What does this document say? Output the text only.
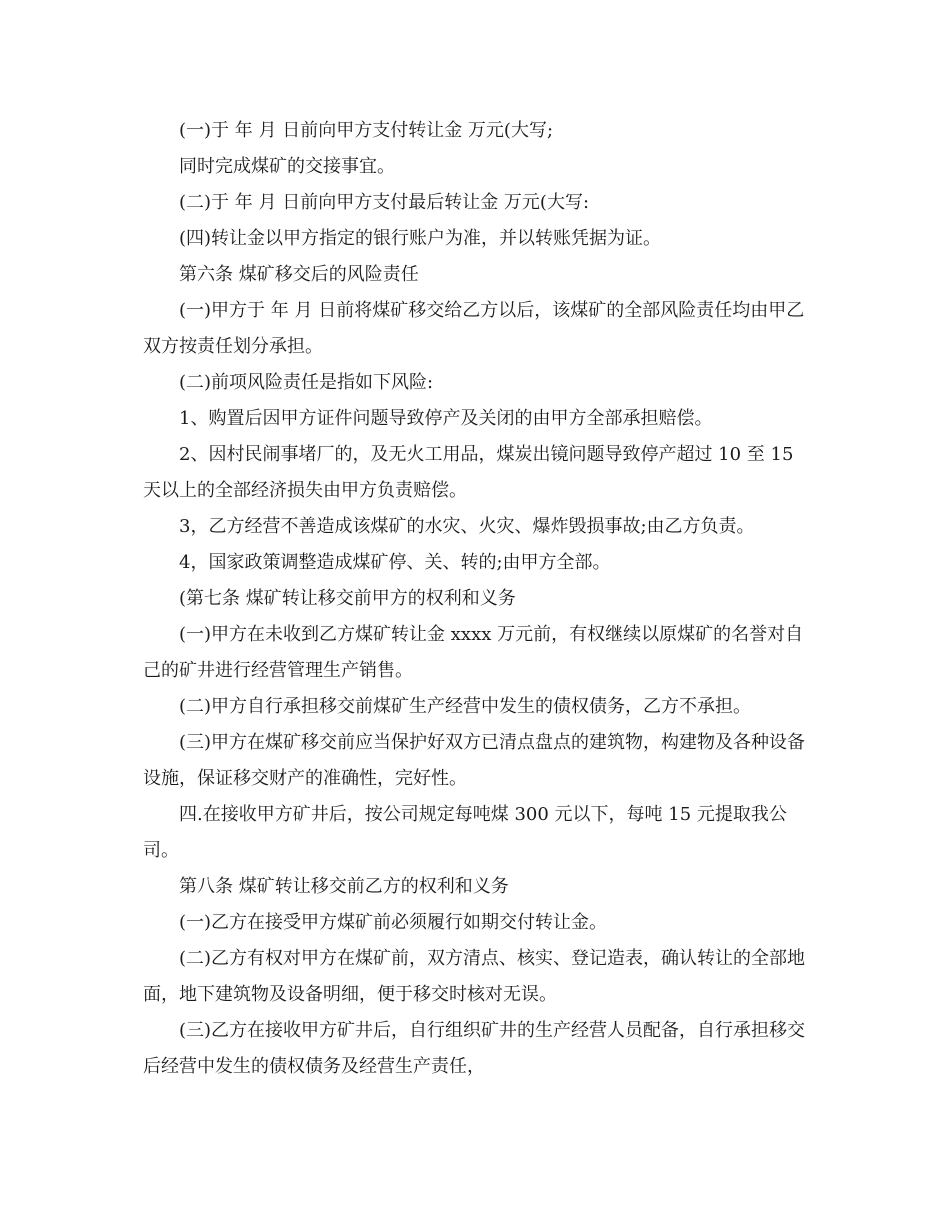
(一)于 年 月 日前向甲方支付转让金 万元(大写;

同时完成煤矿的交接事宜。

(二)于 年 月 日前向甲方支付最后转让金 万元(大写:

(四)转让金以甲方指定的银行账户为准，并以转账凭据为证。

第六条 煤矿移交后的风险责任

(一)甲方于 年 月 日前将煤矿移交给乙方以后，该煤矿的全部风险责任均由甲乙双方按责任划分承担。

(二)前项风险责任是指如下风险:

1、购置后因甲方证件问题导致停产及关闭的由甲方全部承担赔偿。

2、因村民闹事堵厂的，及无火工用品，煤炭出镜问题导致停产超过 10 至 15 天以上的全部经济损失由甲方负责赔偿。

3，乙方经营不善造成该煤矿的水灾、火灾、爆炸毁损事故;由乙方负责。

4，国家政策调整造成煤矿停、关、转的;由甲方全部。

(第七条 煤矿转让移交前甲方的权利和义务

(一)甲方在未收到乙方煤矿转让金 xxxx 万元前，有权继续以原煤矿的名誉对自己的矿井进行经营管理生产销售。

(二)甲方自行承担移交前煤矿生产经营中发生的债权债务，乙方不承担。

(三)甲方在煤矿移交前应当保护好双方已清点盘点的建筑物，构建物及各种设备设施，保证移交财产的准确性，完好性。

四.在接收甲方矿井后，按公司规定每吨煤 300 元以下，每吨 15 元提取我公司。

第八条 煤矿转让移交前乙方的权利和义务

(一)乙方在接受甲方煤矿前必须履行如期交付转让金。

(二)乙方有权对甲方在煤矿前，双方清点、核实、登记造表，确认转让的全部地面，地下建筑物及设备明细，便于移交时核对无误。

(三)乙方在接收甲方矿井后，自行组织矿井的生产经营人员配备，自行承担移交后经营中发生的债权债务及经营生产责任，
